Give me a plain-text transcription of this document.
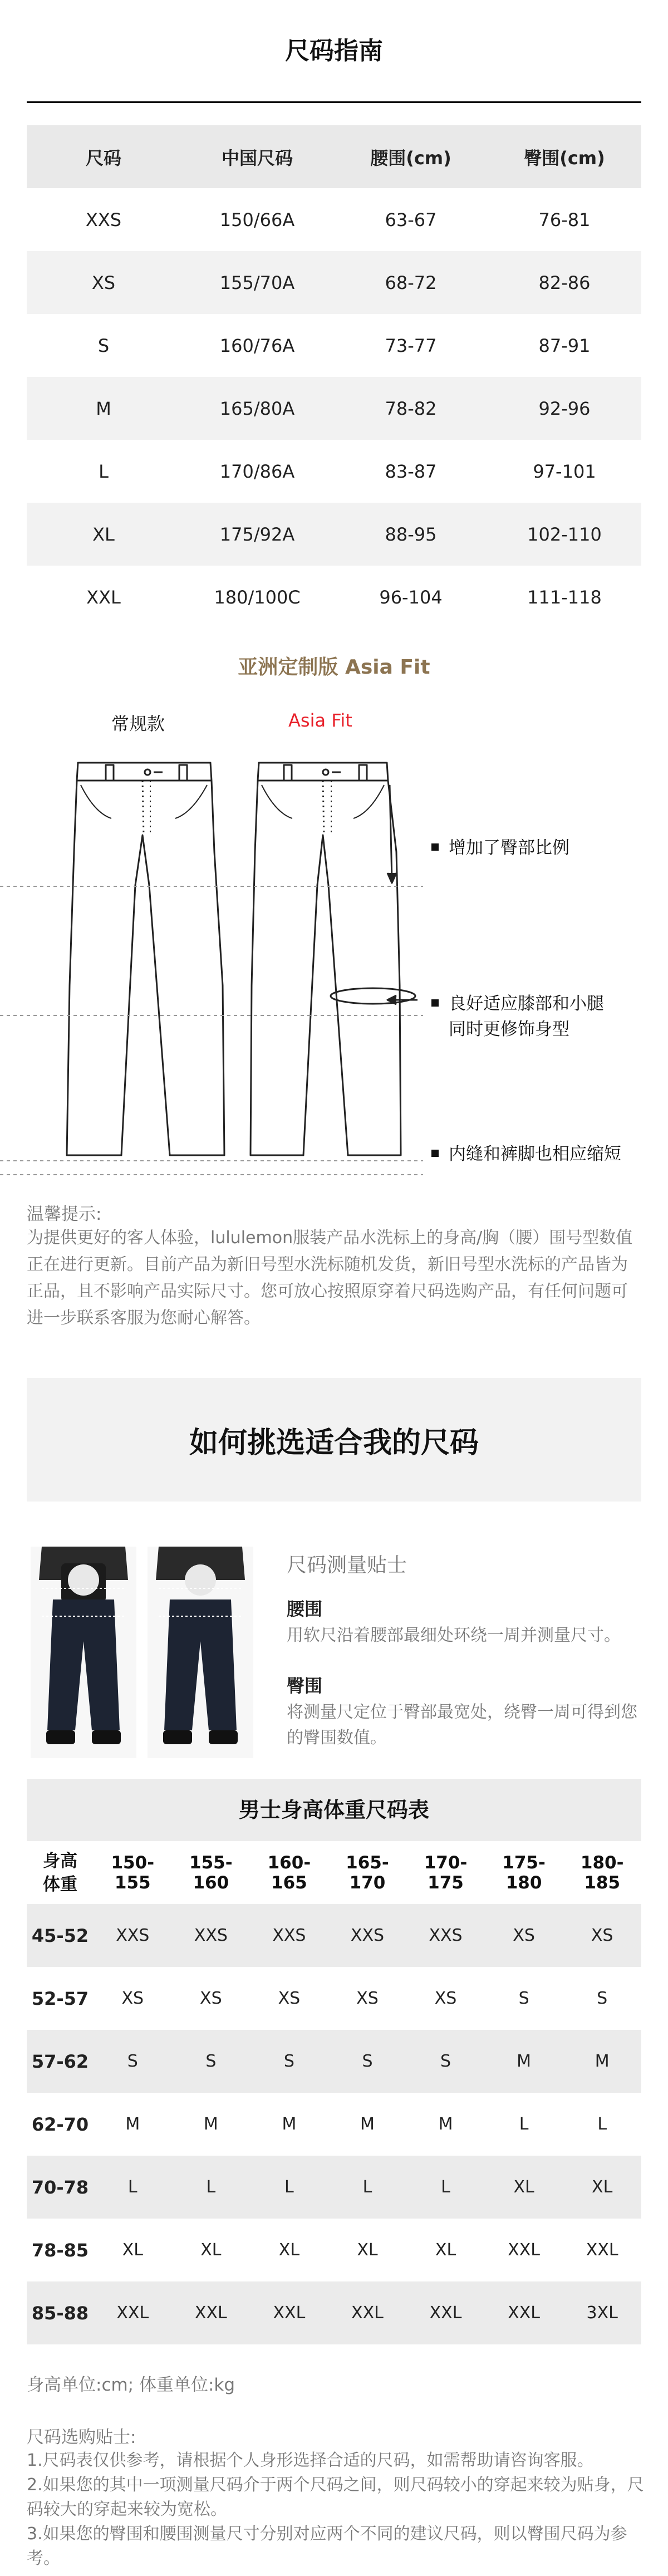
尺码指南
尺码	中国尺码	腰围(cm)	臀围(cm)
XXS	150/66A	63-67	76-81
XS	155/70A	68-72	82-86
S	160/76A	73-77	87-91
M	165/80A	78-82	92-96
L	170/86A	83-87	97-101
XL	175/92A	88-95	102-110
XXL	180/100C	96-104	111-118
亚洲定制版 Asia Fit
常规款	Asia Fit
增加了臀部比例
良好适应膝部和小腿
同时更修饰身型
内缝和裤脚也相应缩短
温馨提示:
为提供更好的客人体验，lululemon服装产品水洗标上的身高/胸（腰）围号型数值正在进行更新。目前产品为新旧号型水洗标随机发货，新旧号型水洗标的产品皆为正品，且不影响产品实际尺寸。您可放心按照原穿着尺码选购产品，有任何问题可进一步联系客服为您耐心解答。
如何挑选适合我的尺码
尺码测量贴士
腰围
用软尺沿着腰部最细处环绕一周并测量尺寸。
臀围
将测量尺定位于臀部最宽处，绕臀一周可得到您的臀围数值。
男士身高体重尺码表
身高
体重	150-155	155-160	160-165	165-170	170-175	175-180	180-185
45-52	XXS	XXS	XXS	XXS	XXS	XS	XS
52-57	XS	XS	XS	XS	XS	S	S
57-62	S	S	S	S	S	M	M
62-70	M	M	M	M	M	L	L
70-78	L	L	L	L	L	XL	XL
78-85	XL	XL	XL	XL	XL	XXL	XXL
85-88	XXL	XXL	XXL	XXL	XXL	XXL	3XL
身高单位:cm; 体重单位:kg
尺码选购贴士:
1.尺码表仅供参考，请根据个人身形选择合适的尺码，如需帮助请咨询客服。
2.如果您的其中一项测量尺码介于两个尺码之间，则尺码较小的穿起来较为贴身，尺码较大的穿起来较为宽松。
3.如果您的臀围和腰围测量尺寸分别对应两个不同的建议尺码，则以臀围尺码为参考。
